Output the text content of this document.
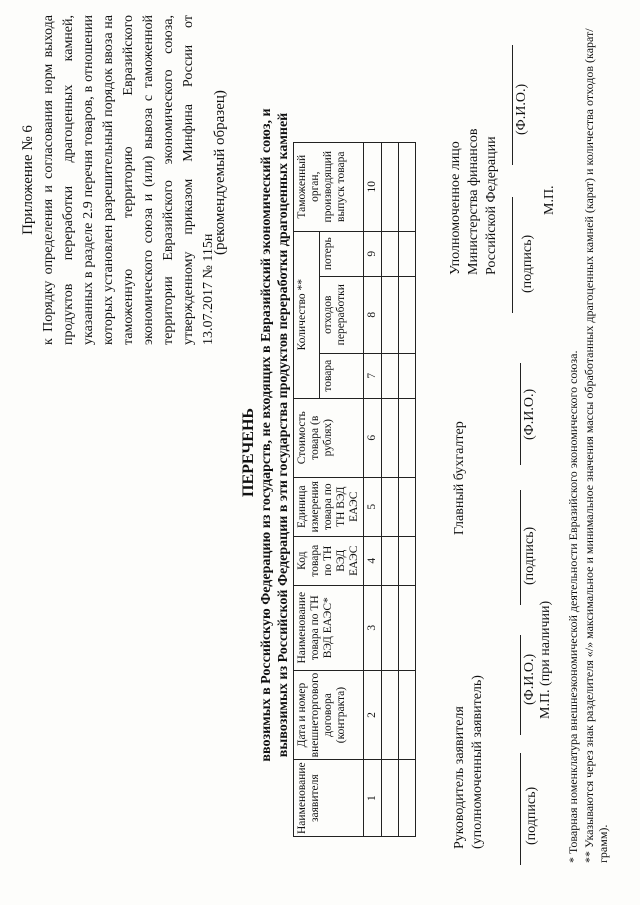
Приложение № 6 к Порядку определения и согласования норм выхода продуктов переработки драгоценных камней, указанных в разделе 2.9 перечня товаров, в отношении которых установлен разрешительный порядок ввоза на таможенную территорию Евразийского экономического союза и (или) вывоза с таможенной территории Евразийского экономического союза, утвержденному приказом Минфина России от 13.07.2017 № 115н
(рекомендуемый образец)
ПЕРЕЧЕНЬ ввозимых в Российскую Федерацию из государств, не входящих в Евразийский экономический союз, и вывозимых из Российской Федерации в эти государства продуктов переработки драгоценных камней
Наименование заявителя	Дата и номер внешнеторгового договора (контракта)	Наименование товара по ТН ВЭД ЕАЭС*	Код товара по ТН ВЭД ЕАЭС	Единица измерения товара по ТН ВЭД ЕАЭС	Стоимость товара (в рублях)	Количество **			Таможенный орган, производящий выпуск товара
						товара	отходов переработки	потерь	
1	2	3	4	5	6	7	8	9	10

Руководитель заявителя (уполномоченный заявитель)	(подпись)
(Ф.И.О.) М.П. (при наличии)
Главный бухгалтер
(подпись)
(Ф.И.О.)
Уполномоченное лицо Министерства финансов Российской Федерации (подпись)
М.П.
(Ф.И.О.)
* Товарная номенклатура внешнеэкономической деятельности Евразийского экономического союза. ** Указываются через знак разделителя «/» максимальное и минимальное значения массы обработанных драгоценных камней (карат) и количества отходов (карат/грамм).
